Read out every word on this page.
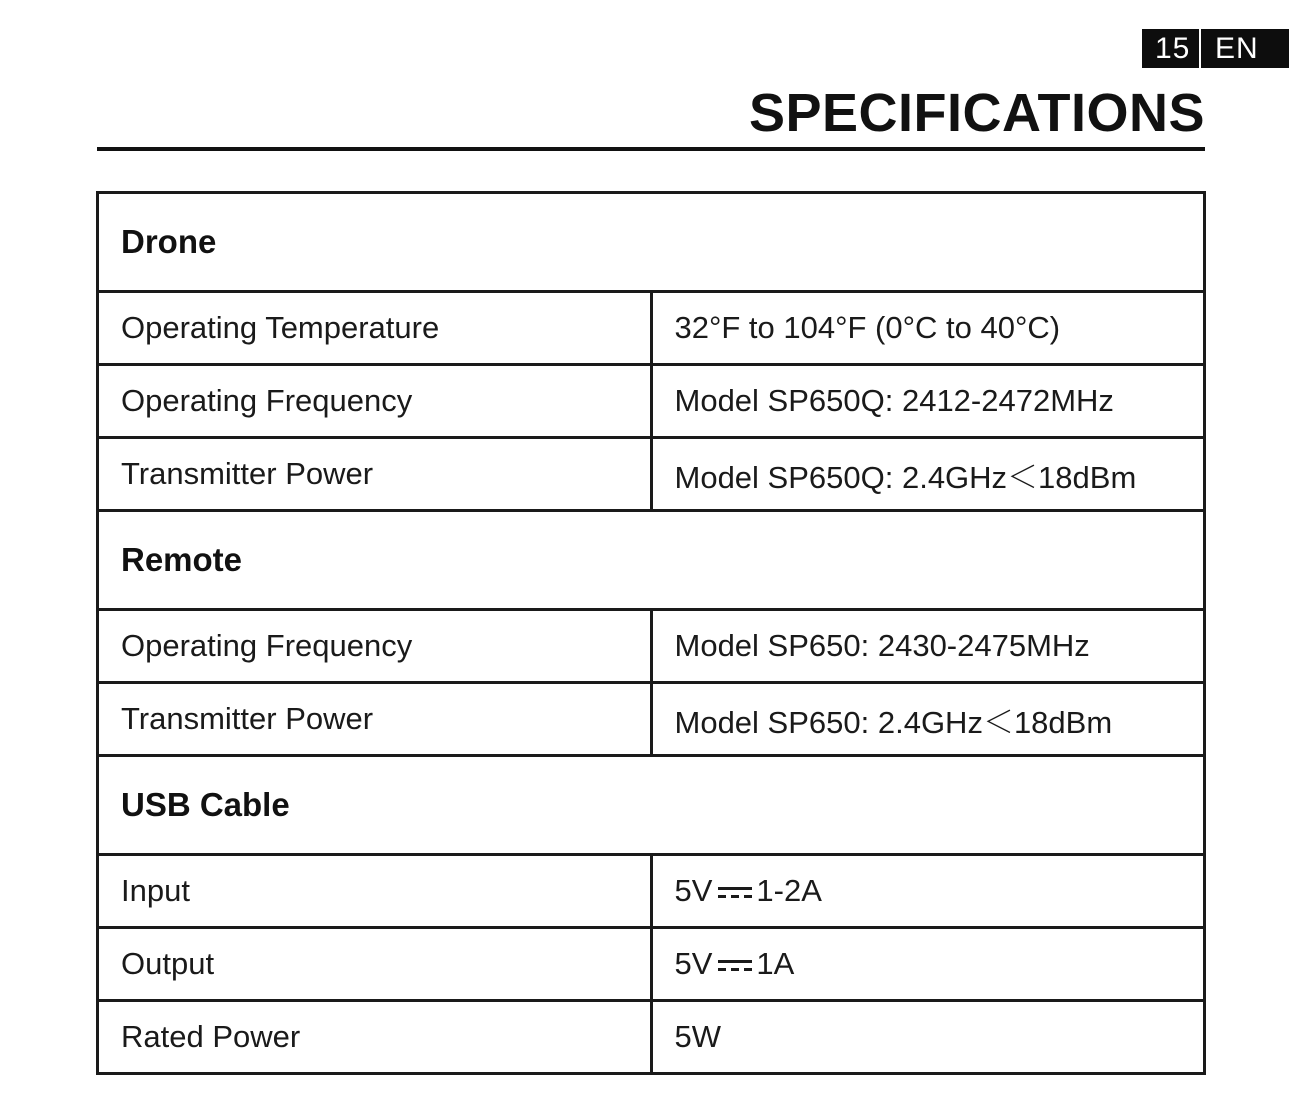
15 EN
SPECIFICATIONS
Drone	
Operating Temperature	32°F to 104°F (0°C to 40°C)
Operating Frequency	Model SP650Q: 2412-2472MHz
Transmitter Power	Model SP650Q: 2.4GHz＜18dBm
Remote	
Operating Frequency	Model SP650: 2430-2475MHz
Transmitter Power	Model SP650: 2.4GHz＜18dBm
USB Cable	
Input	5V 1-2A
Output	5V 1A
Rated Power	5W
